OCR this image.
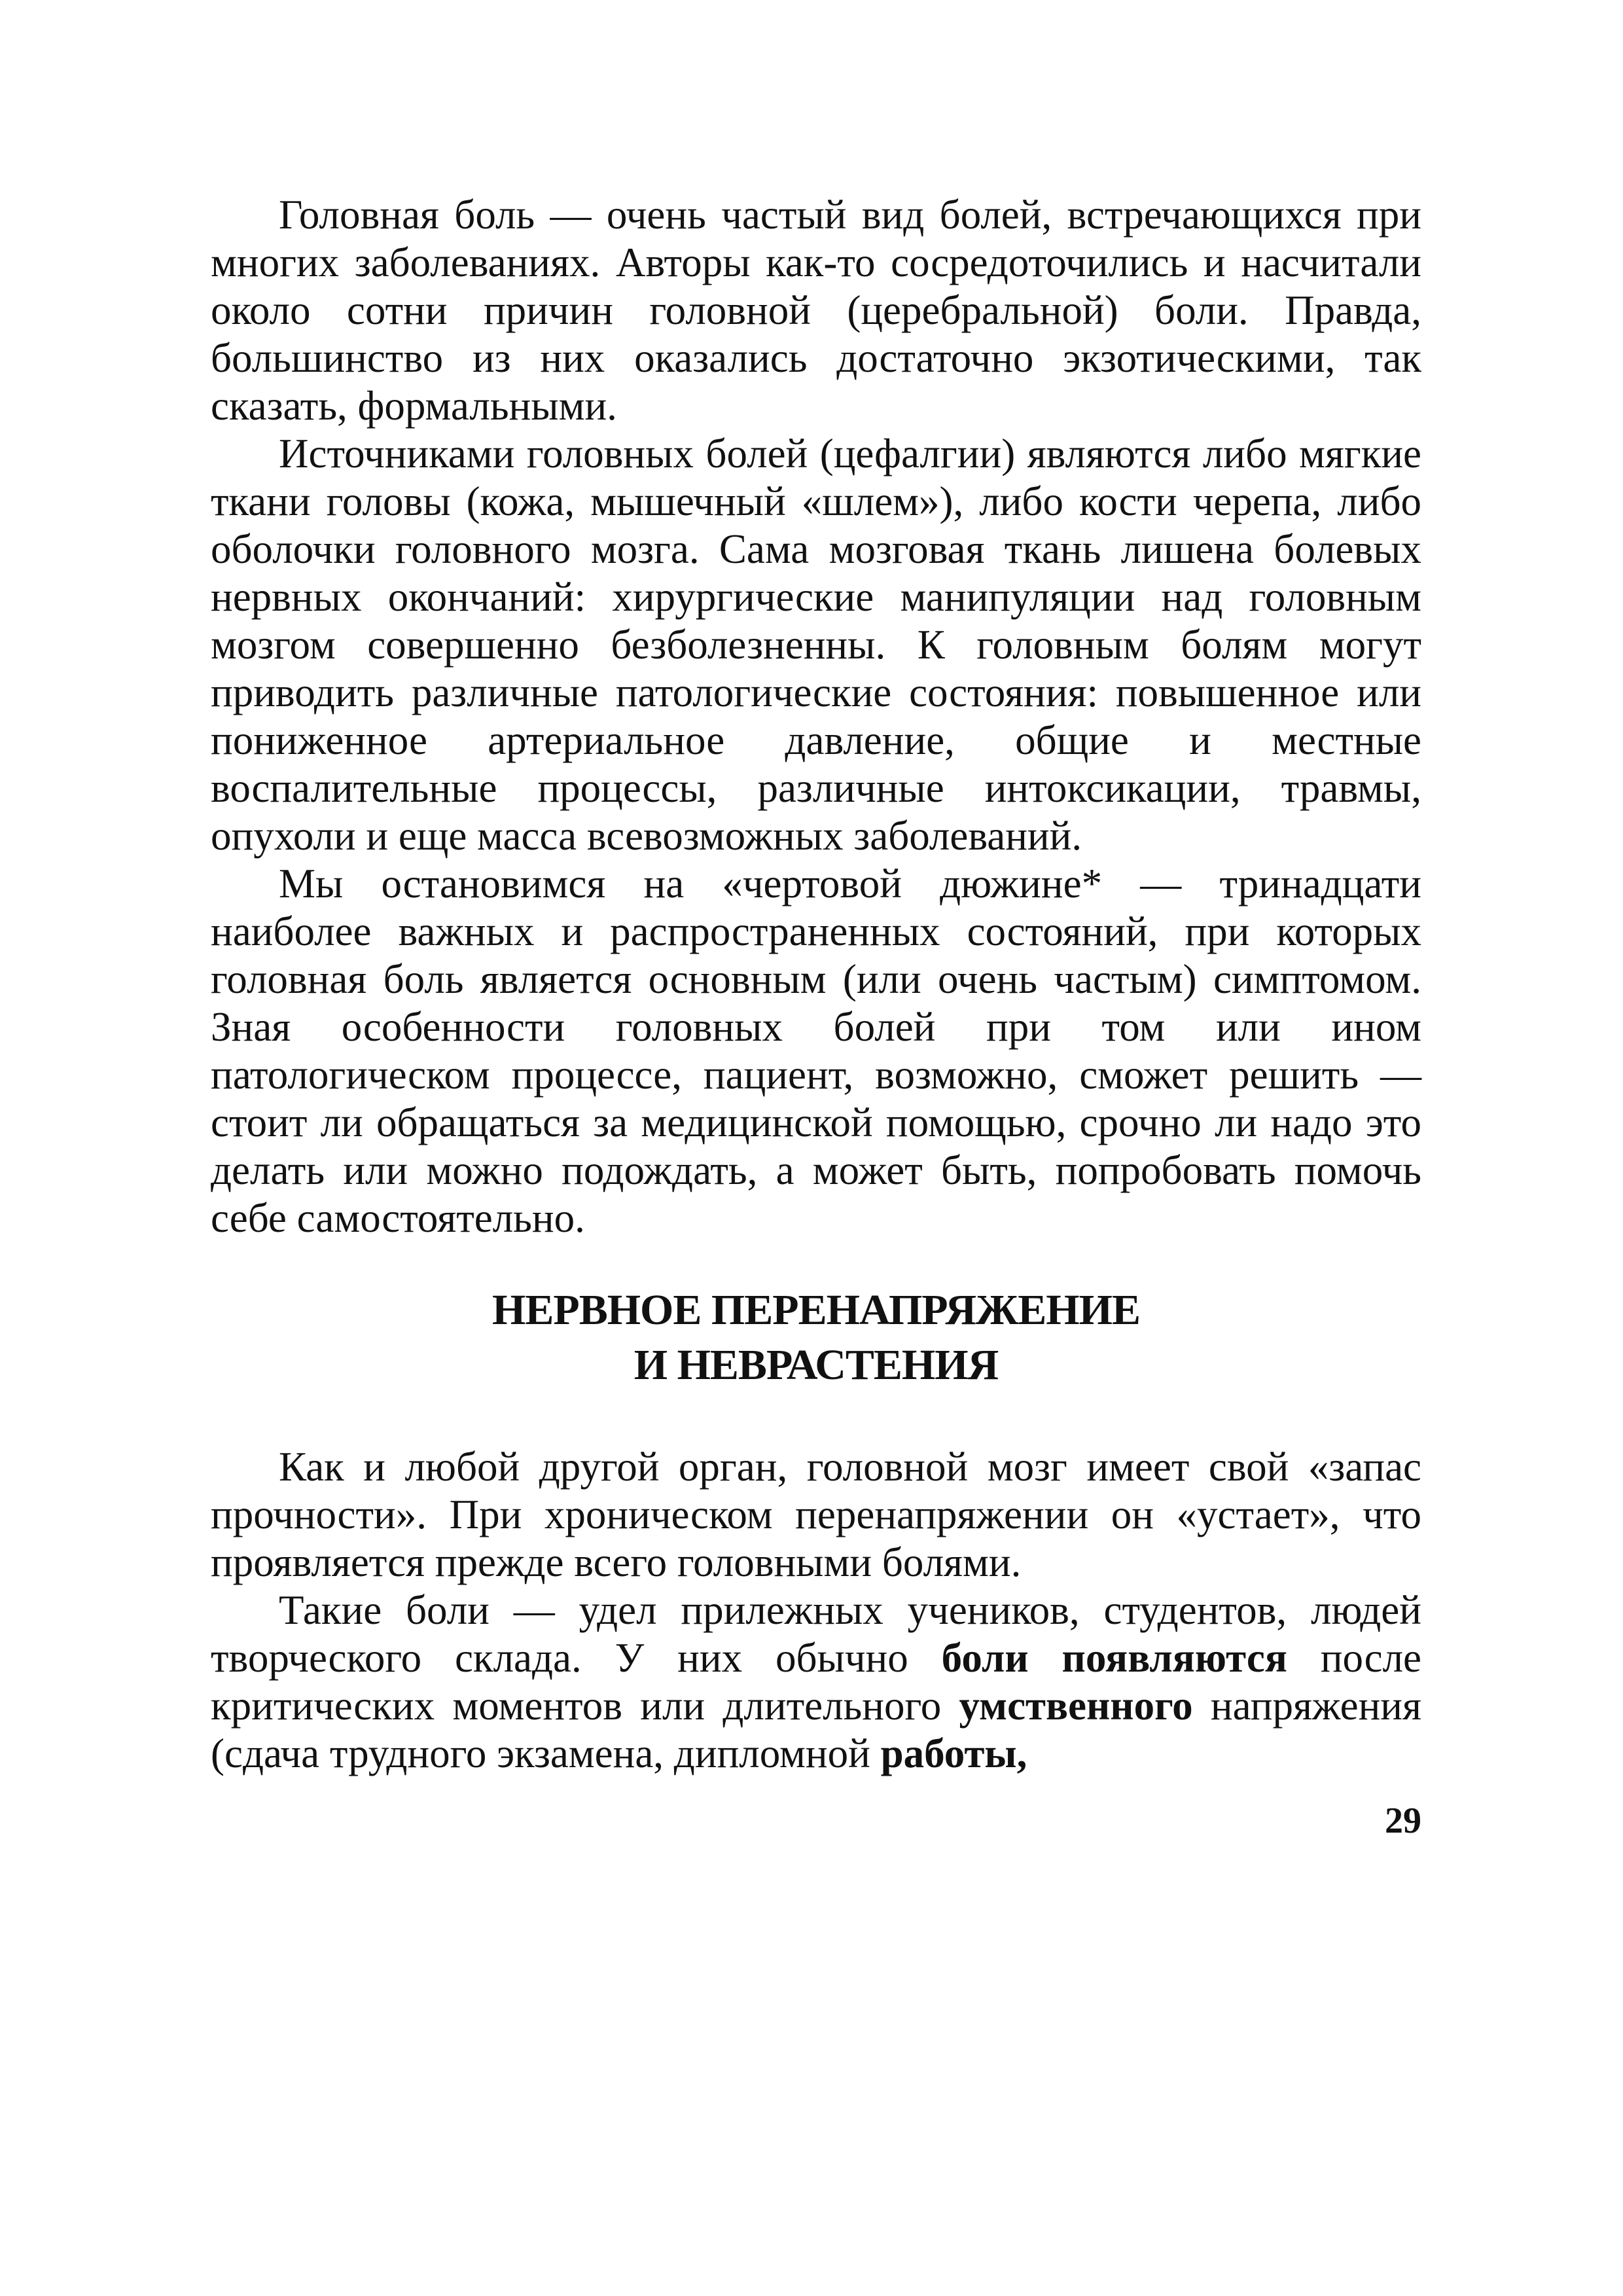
Головная боль — очень частый вид болей, встречающихся при многих заболеваниях. Авторы как-то сосредоточились и насчитали около сотни причин головной (церебральной) боли. Правда, большинство из них оказались достаточно экзотическими, так сказать, формальными.

Источниками головных болей (цефалгии) являются либо мягкие ткани головы (кожа, мышечный «шлем»), либо кости черепа, либо оболочки головного мозга. Сама мозговая ткань лишена болевых нервных окончаний: хирургические манипуляции над головным мозгом совершенно безболезненны. К головным болям могут приводить различные патологические состояния: повышенное или пониженное артериальное давление, общие и местные воспалительные процессы, различные интоксикации, травмы, опухоли и еще масса всевозможных заболеваний.

Мы остановимся на «чертовой дюжине* — тринадцати наиболее важных и распространенных состояний, при которых головная боль является основным (или очень частым) симптомом. Зная особенности головных болей при том или ином патологическом процессе, пациент, возможно, сможет решить — стоит ли обращаться за медицинской помощью, срочно ли надо это делать или можно подождать, а может быть, попробовать помочь себе самостоятельно.

НЕРВНОЕ ПЕРЕНАПРЯЖЕНИЕ
И НЕВРАСТЕНИЯ

Как и любой другой орган, головной мозг имеет свой «запас прочности». При хроническом перенапряжении он «устает», что проявляется прежде всего головными болями.

Такие боли — удел прилежных учеников, студентов, людей творческого склада. У них обычно боли появляются после критических моментов или длительного умственного напряжения (сдача трудного экзамена, дипломной работы,

29
